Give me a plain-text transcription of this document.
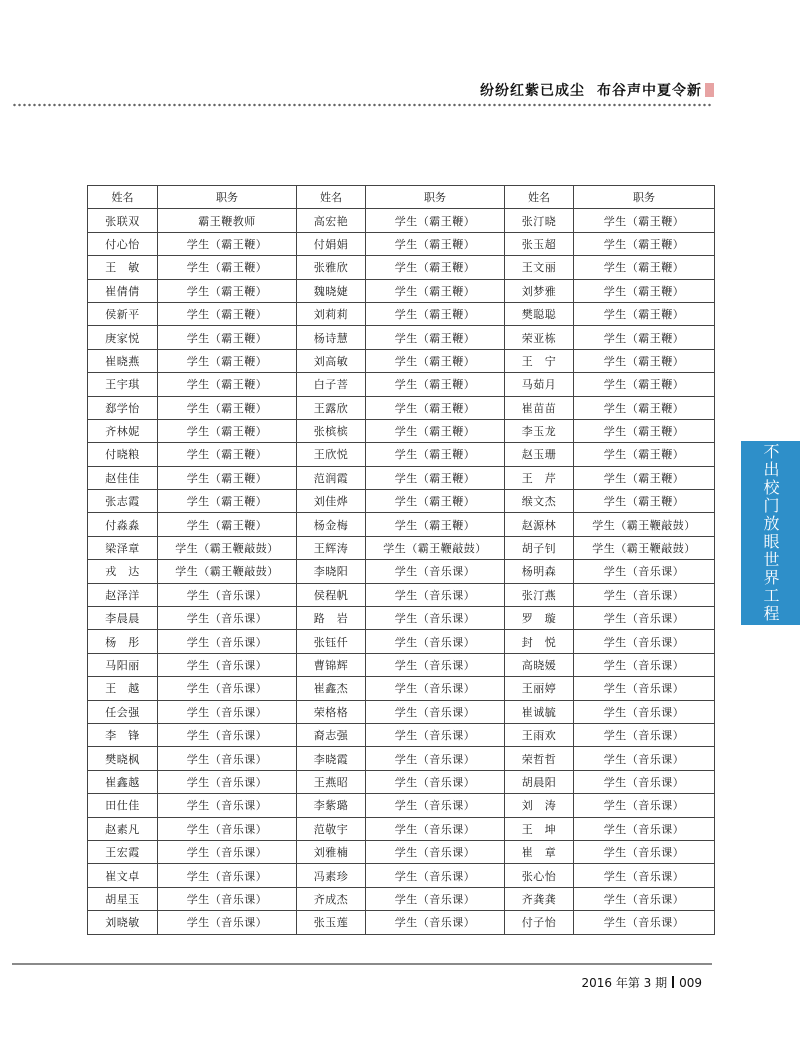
纷纷红紫已成尘 布谷声中夏令新
不出校门放眼世界工程
姓名	职务	姓名	职务	姓名	职务
张联双	霸王鞭教师	高宏艳	学生（霸王鞭）	张汀晓	学生（霸王鞭）
付心怡	学生（霸王鞭）	付娟娟	学生（霸王鞭）	张玉超	学生（霸王鞭）
王　敏	学生（霸王鞭）	张雅欣	学生（霸王鞭）	王文丽	学生（霸王鞭）
崔倩倩	学生（霸王鞭）	魏晓婕	学生（霸王鞭）	刘梦雅	学生（霸王鞭）
侯新平	学生（霸王鞭）	刘莉莉	学生（霸王鞭）	樊聪聪	学生（霸王鞭）
庚家悦	学生（霸王鞭）	杨诗慧	学生（霸王鞭）	荣亚栋	学生（霸王鞭）
崔晓燕	学生（霸王鞭）	刘高敏	学生（霸王鞭）	王　宁	学生（霸王鞭）
王宇琪	学生（霸王鞭）	白子菩	学生（霸王鞭）	马茹月	学生（霸王鞭）
郄学怡	学生（霸王鞭）	王露欣	学生（霸王鞭）	崔苗苗	学生（霸王鞭）
齐林妮	学生（霸王鞭）	张槟槟	学生（霸王鞭）	李玉龙	学生（霸王鞭）
付晓粮	学生（霸王鞭）	王欣悦	学生（霸王鞭）	赵玉珊	学生（霸王鞭）
赵佳佳	学生（霸王鞭）	范润霞	学生（霸王鞭）	王　芹	学生（霸王鞭）
张志霞	学生（霸王鞭）	刘佳烨	学生（霸王鞭）	缑文杰	学生（霸王鞭）
付淼淼	学生（霸王鞭）	杨金梅	学生（霸王鞭）	赵源林	学生（霸王鞭敲鼓）
梁泽章	学生（霸王鞭敲鼓）	王辉涛	学生（霸王鞭敲鼓）	胡子钊	学生（霸王鞭敲鼓）
戎　达	学生（霸王鞭敲鼓）	李晓阳	学生（音乐课）	杨明森	学生（音乐课）
赵泽洋	学生（音乐课）	侯程帆	学生（音乐课）	张汀燕	学生（音乐课）
李晨晨	学生（音乐课）	路　岩	学生（音乐课）	罗　璇	学生（音乐课）
杨　彤	学生（音乐课）	张钰仟	学生（音乐课）	封　悦	学生（音乐课）
马阳丽	学生（音乐课）	曹锦辉	学生（音乐课）	高晓媛	学生（音乐课）
王　越	学生（音乐课）	崔鑫杰	学生（音乐课）	王丽婷	学生（音乐课）
任会强	学生（音乐课）	荣格格	学生（音乐课）	崔诚毓	学生（音乐课）
李　锋	学生（音乐课）	裔志强	学生（音乐课）	王雨欢	学生（音乐课）
樊晓枫	学生（音乐课）	李晓霞	学生（音乐课）	荣哲哲	学生（音乐课）
崔鑫越	学生（音乐课）	王燕昭	学生（音乐课）	胡晨阳	学生（音乐课）
田仕佳	学生（音乐课）	李紫璐	学生（音乐课）	刘　涛	学生（音乐课）
赵素凡	学生（音乐课）	范敬宇	学生（音乐课）	王　坤	学生（音乐课）
王宏霞	学生（音乐课）	刘雅楠	学生（音乐课）	崔　章	学生（音乐课）
崔文卓	学生（音乐课）	冯素珍	学生（音乐课）	张心怡	学生（音乐课）
胡星玉	学生（音乐课）	齐成杰	学生（音乐课）	齐龚龚	学生（音乐课）
刘晓敏	学生（音乐课）	张玉莲	学生（音乐课）	付子怡	学生（音乐课）
2016 年第 3 期 009
